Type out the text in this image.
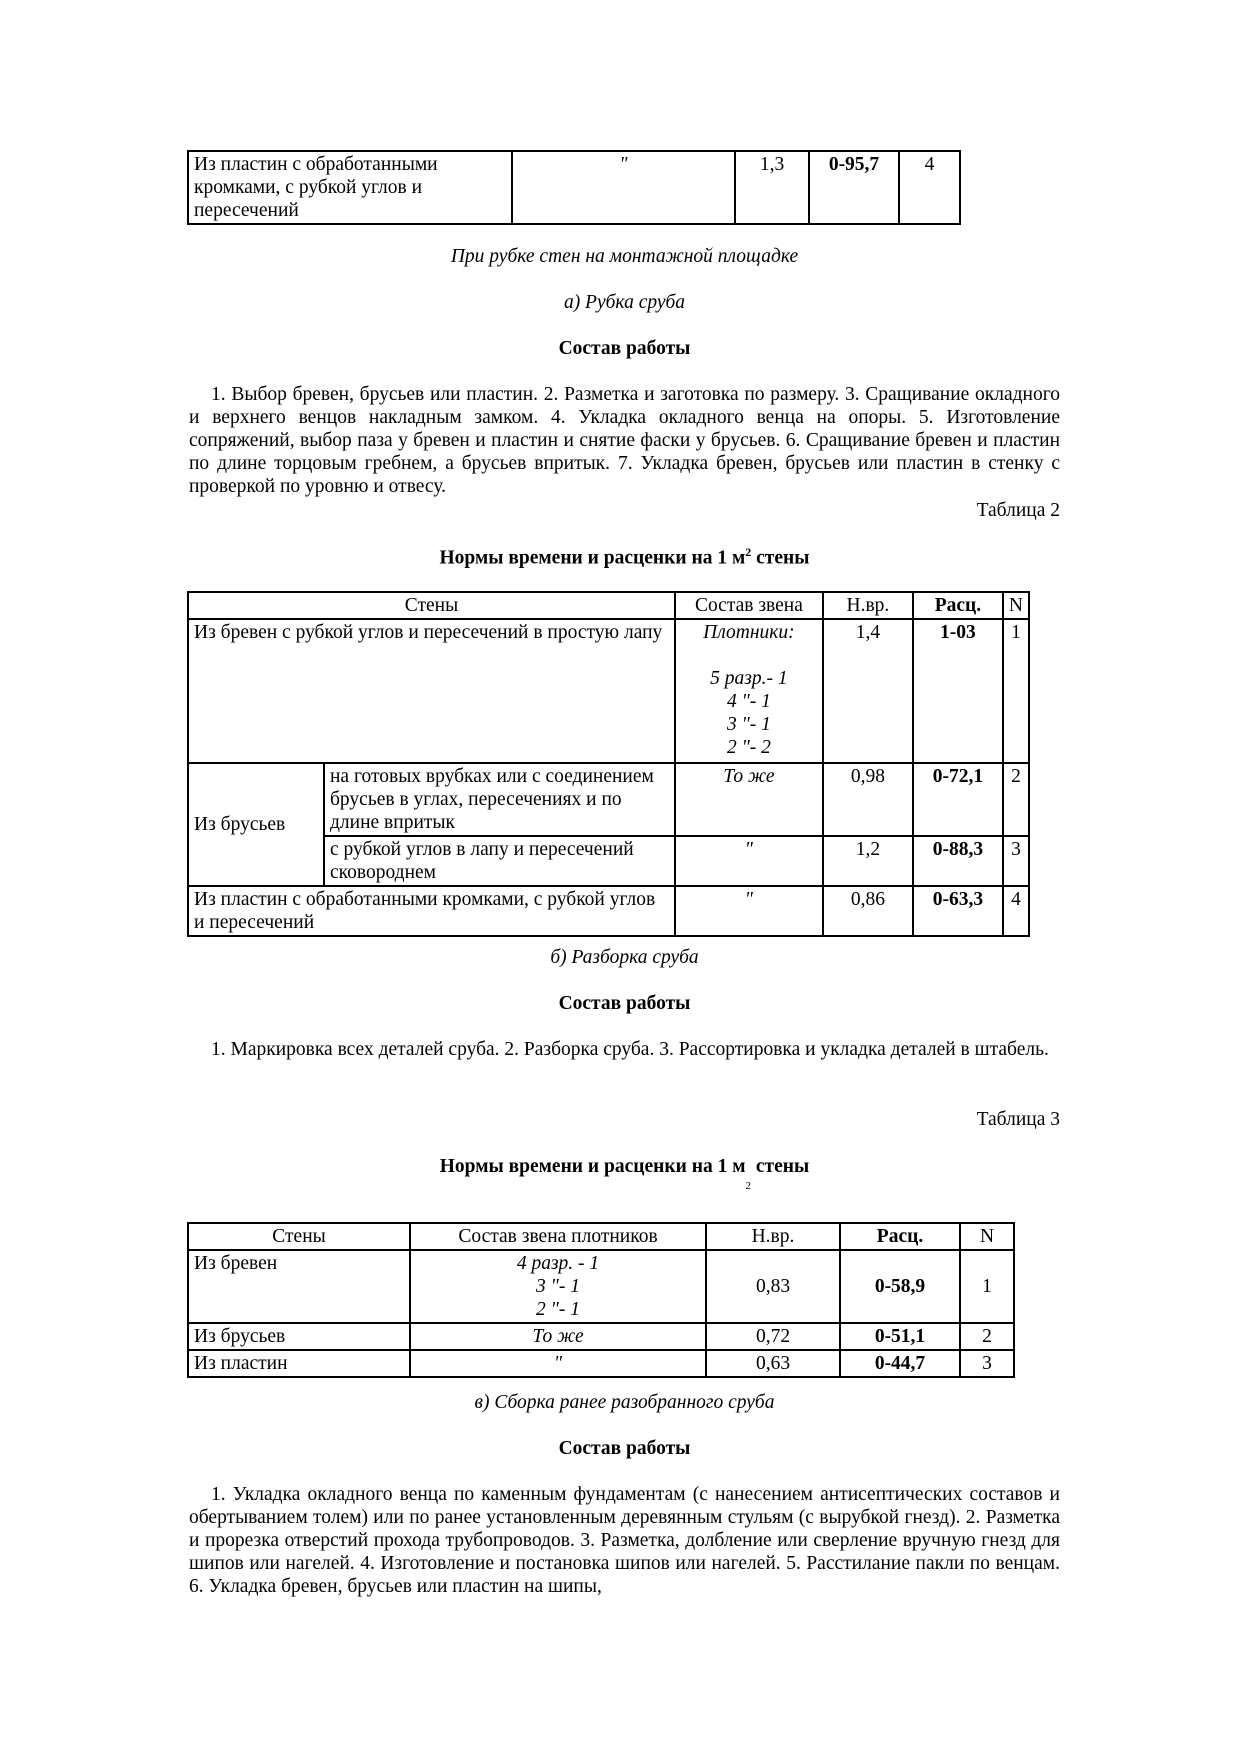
Из пластин с обработанными кромками, с рубкой углов и пересечений	"	1,3	0-95,7	4
При рубке стен на монтажной площадке
а) Рубка сруба
Состав работы
1. Выбор бревен, брусьев или пластин. 2. Разметка и заготовка по размеру. 3. Сращивание окладного и верхнего венцов накладным замком. 4. Укладка окладного венца на опоры. 5. Изготовление сопряжений, выбор паза у бревен и пластин и снятие фаски у брусьев. 6. Сращивание бревен и пластин по длине торцовым гребнем, а брусьев впритык. 7. Укладка бревен, брусьев или пластин в стенку с проверкой по уровню и отвесу.
Таблица 2
Нормы времени и расценки на 1 $м^2$ стены
Стены		Состав звена	Н.вр.	Расц.	N
Из бревен с рубкой углов и пересечений в простую лапу		Плотники:
5 разр.- 1
4 "- 1
3 "- 1
2 "- 2	1,4	1-03	1
Из брусьев	на готовых врубках или с соединением брусьев в углах, пересечениях и по длине впритык	То же	0,98	0-72,1	2
	с рубкой углов в лапу и пересечений сковороднем	"	1,2	0-88,3	3
Из пластин с обработанными кромками, с рубкой углов и пересечений		"	0,86	0-63,3	4
б) Разборка сруба
Состав работы
1. Маркировка всех деталей сруба. 2. Разборка сруба. 3. Рассортировка и укладка деталей в штабель.
Таблица 3
Нормы времени и расценки на 1 $м_2$ стены
Стены	Состав звена плотников	Н.вр.	Расц.	N
Из бревен	4 разр. - 1
3 "- 1
2 "- 1	0,83	0-58,9	1
Из брусьев	То же	0,72	0-51,1	2
Из пластин	"	0,63	0-44,7	3
в) Сборка ранее разобранного сруба
Состав работы
1. Укладка окладного венца по каменным фундаментам (с нанесением антисептических составов и обертыванием толем) или по ранее установленным деревянным стульям (с вырубкой гнезд). 2. Разметка и прорезка отверстий прохода трубопроводов. 3. Разметка, долбление или сверление вручную гнезд для шипов или нагелей. 4. Изготовление и постановка шипов или нагелей. 5. Расстилание пакли по венцам. 6. Укладка бревен, брусьев или пластин на шипы,
